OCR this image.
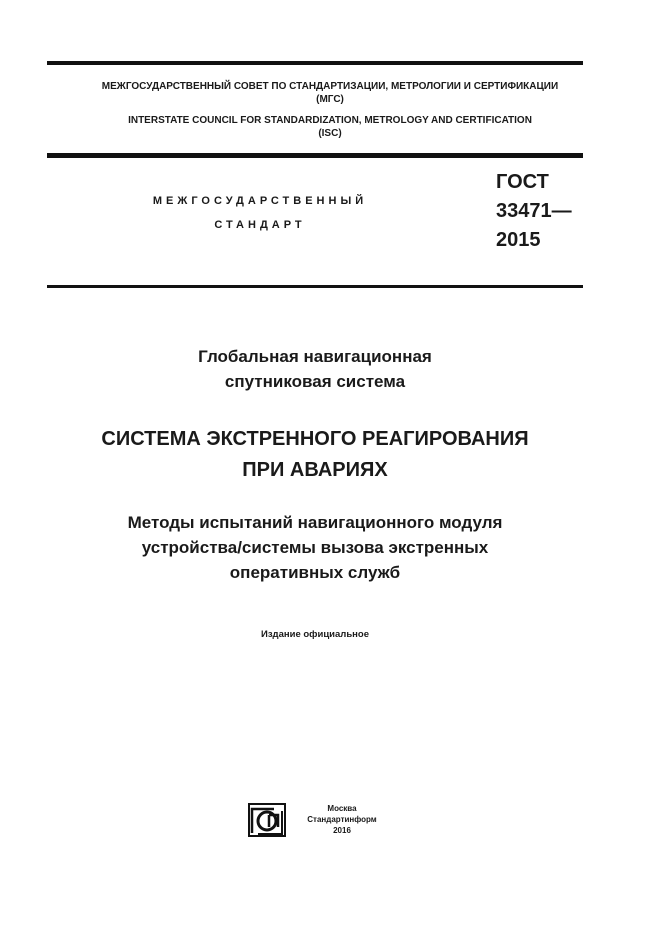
МЕЖГОСУДАРСТВЕННЫЙ СОВЕТ ПО СТАНДАРТИЗАЦИИ, МЕТРОЛОГИИ И СЕРТИФИКАЦИИ
(МГС)
INTERSTATE COUNCIL FOR STANDARDIZATION, METROLOGY AND CERTIFICATION
(ISC)
МЕЖГОСУДАРСТВЕННЫЙ
СТАНДАРТ
ГОСТ
33471—
2015
Глобальная навигационная
спутниковая система
СИСТЕМА ЭКСТРЕННОГО РЕАГИРОВАНИЯ
ПРИ АВАРИЯХ
Методы испытаний навигационного модуля
устройства/системы вызова экстренных
оперативных служб
Издание официальное
Москва
Стандартинформ
2016
